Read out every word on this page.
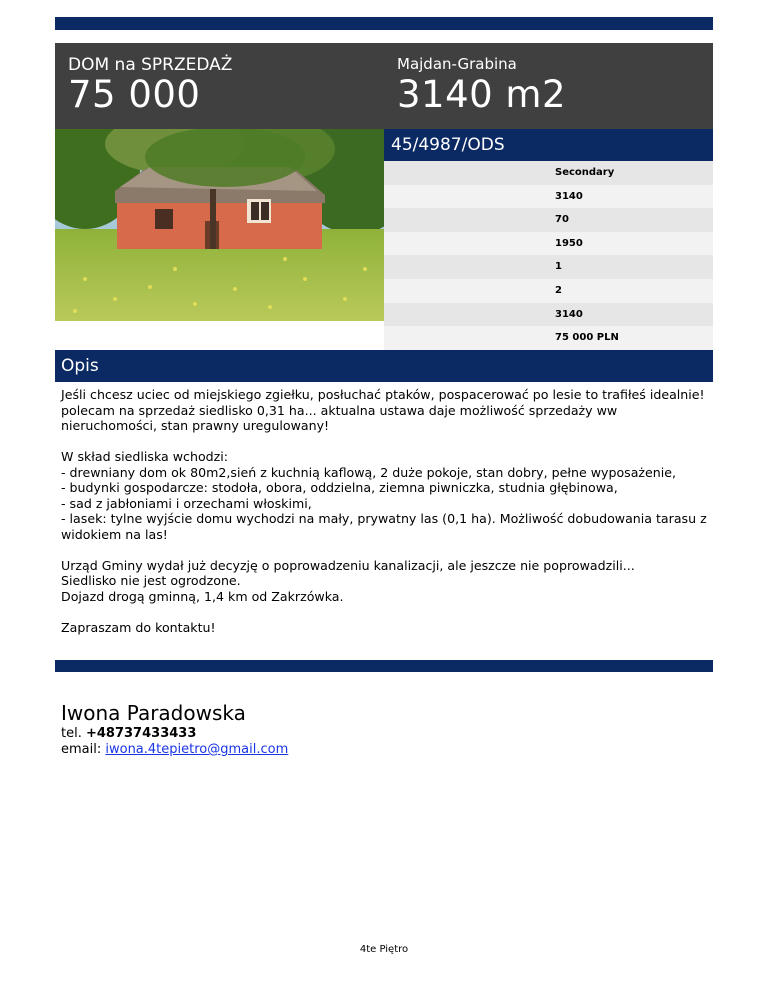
DOM na SPRZEDAŻ
75 000
Majdan-Grabina
3140 m2
45/4987/ODS
Secondary
3140
70
1950
1
2
3140
75 000 PLN
Opis

Jeśli chcesz uciec od miejskiego zgiełku, posłuchać ptaków, pospacerować po lesie to trafiłeś idealnie!
polecam na sprzedaż siedlisko 0,31 ha... aktualna ustawa daje możliwość sprzedaży ww nieruchomości, stan prawny uregulowany!

W skład siedliska wchodzi:
- drewniany dom ok 80m2,sień z kuchnią kaflową, 2 duże pokoje, stan dobry, pełne wyposażenie,
- budynki gospodarcze: stodoła, obora, oddzielna, ziemna piwniczka, studnia głębinowa,
- sad z jabłoniami i orzechami włoskimi,
- lasek: tylne wyjście domu wychodzi na mały, prywatny las (0,1 ha). Możliwość dobudowania tarasu z widokiem na las!

Urząd Gminy wydał już decyzję o poprowadzeniu kanalizacji, ale jeszcze nie poprowadzili...
Siedlisko nie jest ogrodzone.
Dojazd drogą gminną, 1,4 km od Zakrzówka.

Zapraszam do kontaktu!

Iwona Paradowska
tel. +48737433433
email: iwona.4tepietro@gmail.com
4te Piętro
